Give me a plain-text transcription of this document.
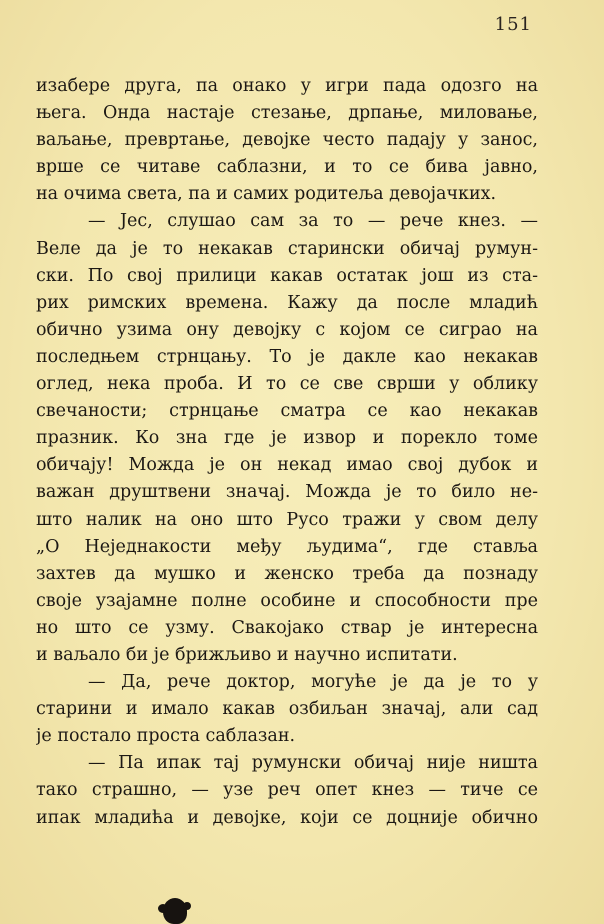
151
изабере друга, па онако у игри пада одозго на
њега. Онда настаје стезање, дрпање, миловање,
ваљање, превртање, девојке често падају у занос,
врше се читаве саблазни, и то се бива јавно,
на очима света, па и самих родитеља девојачких.
— Јес, слушао сам за то — рече кнез. —
Веле да је то некакав старински обичај румун-
ски. По свој прилици какав остатак још из ста-
рих римских времена. Кажу да после младић
обично узима ону девојку с којом се сиграо на
последњем стрнцању. То је дакле као некакав
оглед, нека проба. И то се све сврши у облику
свечаности; стрнцање сматра се као некакав
празник. Ко зна где је извор и порекло томе
обичају! Можда је он некад имао свој дубок и
важан друштвени значај. Можда је то било не-
што налик на оно што Русо тражи у свом делу
„О Неједнакости међу људима“, где ставља
захтев да мушко и женско треба да познаду
своје узајамне полне особине и способности пре
но што се узму. Свакојако ствар је интересна
и ваљало би је брижљиво и научно испитати.
— Да, рече доктор, могуће је да је то у
старини и имало какав озбиљан значај, али сад
је постало проста саблазан.
— Па ипак тај румунски обичај није ништа
тако страшно, — узе реч опет кнез — тиче се
ипак младића и девојке, који се доцније обично
